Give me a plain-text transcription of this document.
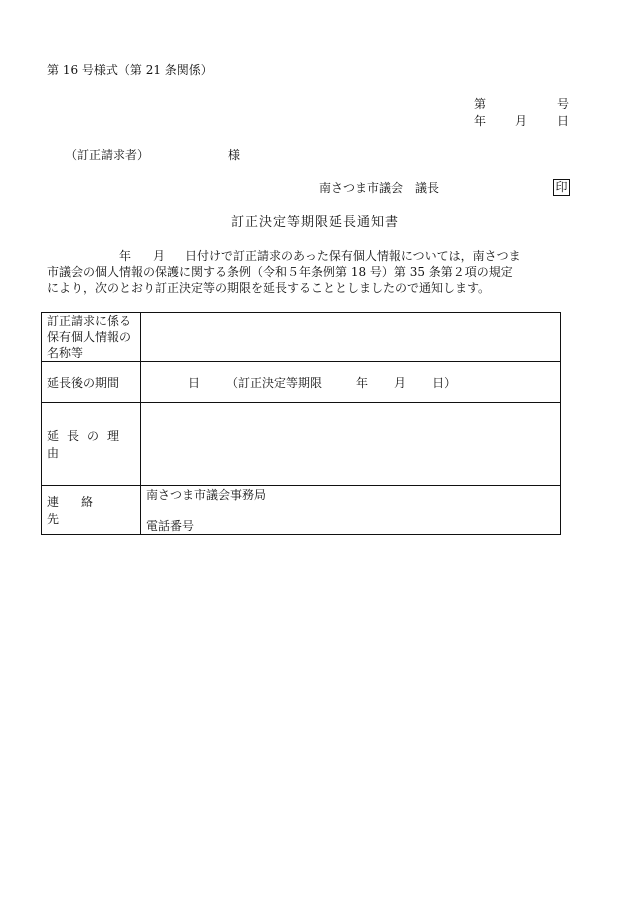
第 16 号様式（第 21 条関係）
第	号
年 月 日
（訂正請求者）	様
南さつま市議会　議長	印
訂正決定等期限延長通知書
年 月 日付けで訂正請求のあった保有個人情報については，南さつま
市議会の個人情報の保護に関する条例（令和５年条例第 18 号）第 35 条第２項の規定
により，次のとおり訂正決定等の期限を延長することとしましたので通知します。
訂正請求に係る保有個人情報の名称等	

延長後の期間	日 （訂正決定等期限 年 月 日）
延長の理由	
連絡先	南さつま市議会事務局
電話番号
